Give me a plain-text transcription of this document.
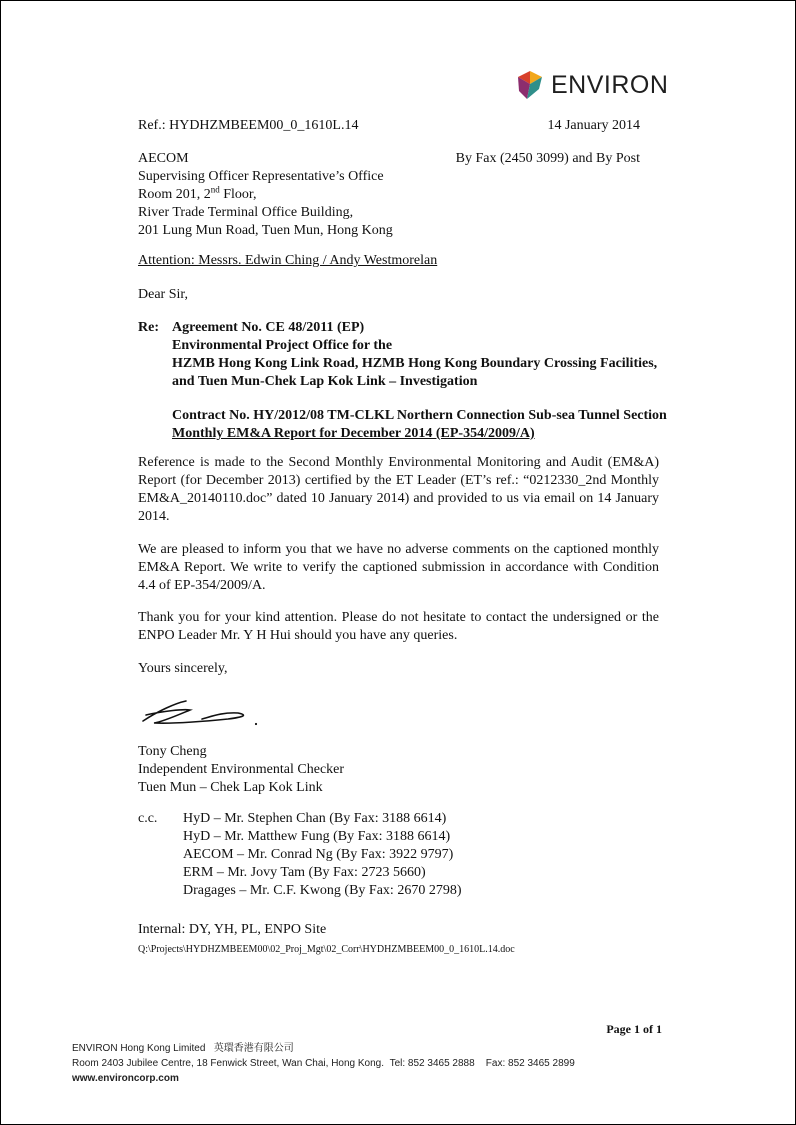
ENVIRON
Ref.: HYDHZMBEEM00_0_1610L.14	14 January 2014
AECOM
Supervising Officer Representative’s Office
Room 201, 2nd Floor,
River Trade Terminal Office Building,
201 Lung Mun Road, Tuen Mun, Hong Kong
By Fax (2450 3099) and By Post
Attention: Messrs. Edwin Ching / Andy Westmorelan
Dear Sir,
Re: Agreement No. CE 48/2011 (EP)
Environmental Project Office for the
HZMB Hong Kong Link Road, HZMB Hong Kong Boundary Crossing Facilities,
and Tuen Mun-Chek Lap Kok Link – Investigation
Contract No. HY/2012/08 TM-CLKL Northern Connection Sub-sea Tunnel Section
Monthly EM&A Report for December 2014 (EP-354/2009/A)
Reference is made to the Second Monthly Environmental Monitoring and Audit (EM&A) Report (for December 2013) certified by the ET Leader (ET’s ref.: “0212330_2nd Monthly EM&A_20140110.doc” dated 10 January 2014) and provided to us via email on 14 January 2014.
We are pleased to inform you that we have no adverse comments on the captioned monthly EM&A Report. We write to verify the captioned submission in accordance with Condition 4.4 of EP-354/2009/A.
Thank you for your kind attention. Please do not hesitate to contact the undersigned or the ENPO Leader Mr. Y H Hui should you have any queries.
Yours sincerely,
Tony Cheng
Independent Environmental Checker
Tuen Mun – Chek Lap Kok Link
c.c. HyD – Mr. Stephen Chan (By Fax: 3188 6614)
HyD – Mr. Matthew Fung (By Fax: 3188 6614)
AECOM – Mr. Conrad Ng (By Fax: 3922 9797)
ERM – Mr. Jovy Tam (By Fax: 2723 5660)
Dragages – Mr. C.F. Kwong (By Fax: 2670 2798)
Internal: DY, YH, PL, ENPO Site
Q:\Projects\HYDHZMBEEM00\02_Proj_Mgt\02_Corr\HYDHZMBEEM00_0_1610L.14.doc
Page 1 of 1
ENVIRON Hong Kong Limited 英環香港有限公司
Room 2403 Jubilee Centre, 18 Fenwick Street, Wan Chai, Hong Kong. Tel: 852 3465 2888 Fax: 852 3465 2899
www.environcorp.com
